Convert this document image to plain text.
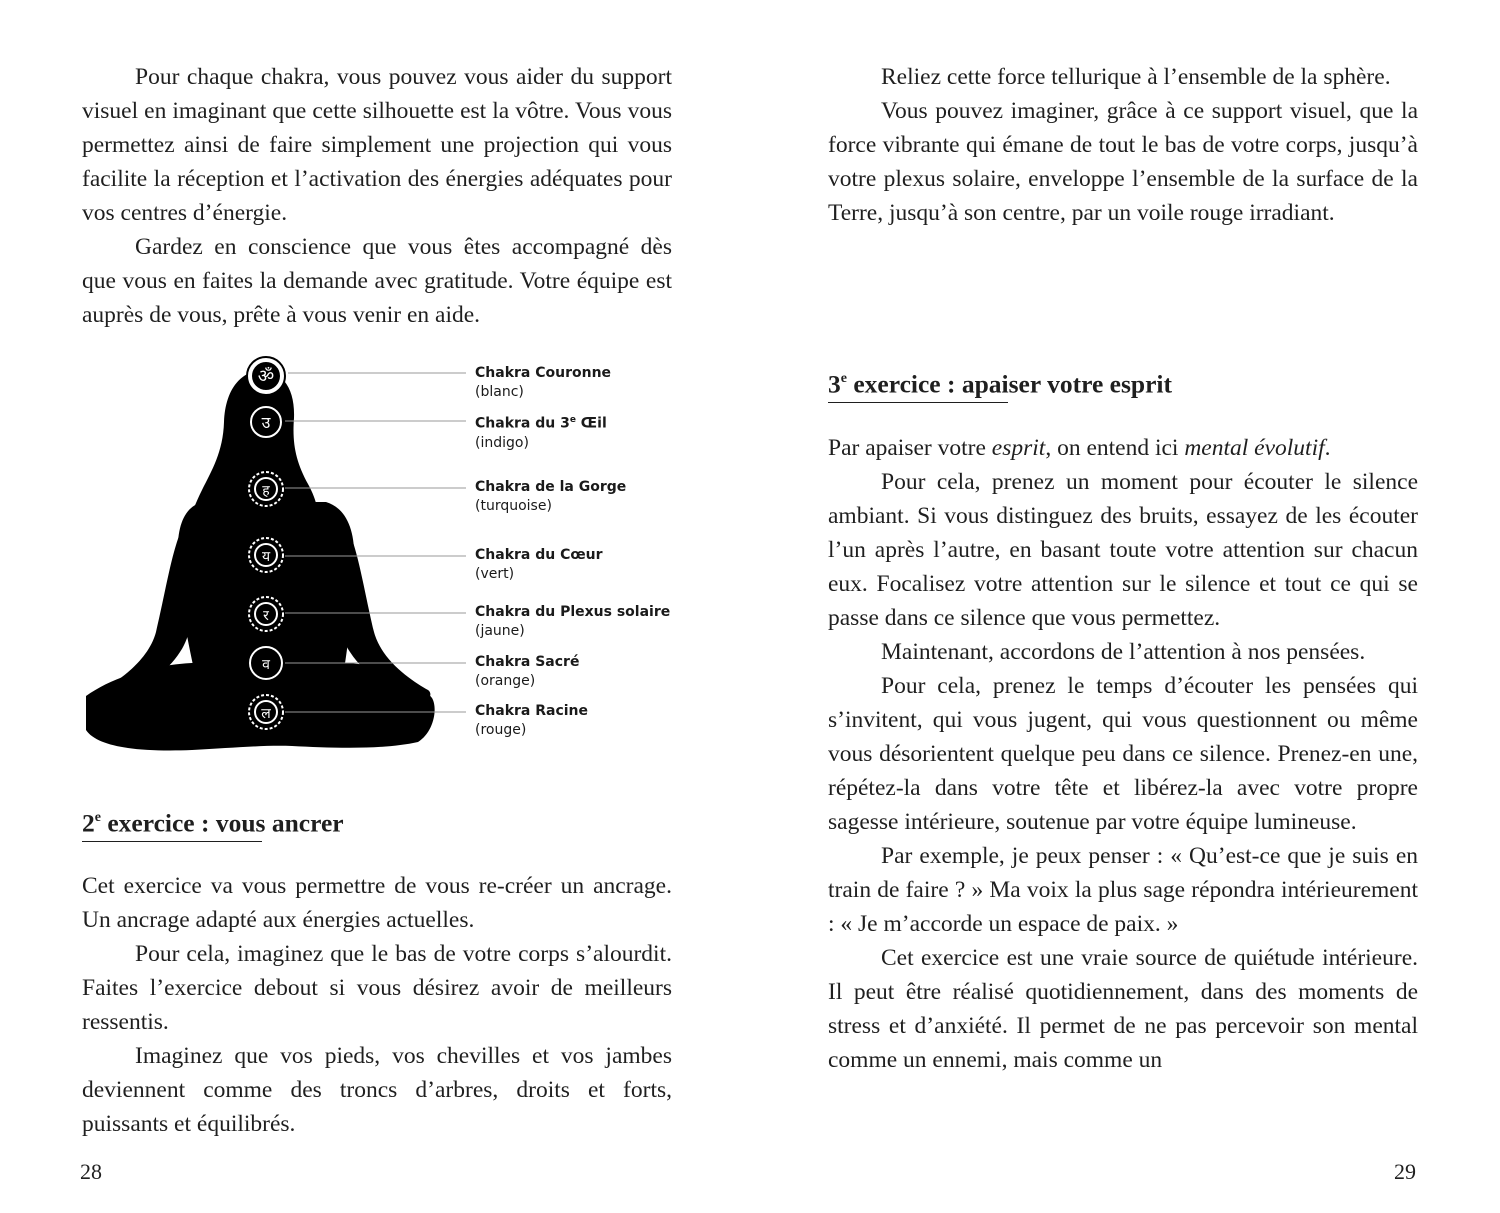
Pour chaque chakra, vous pouvez vous aider du support visuel en imaginant que cette silhouette est la vôtre. Vous vous permettez ainsi de faire simplement une projection qui vous facilite la réception et l’activation des énergies adéquates pour vos centres d’énergie.

Gardez en conscience que vous êtes accompagné dès que vous en faites la demande avec gratitude. Votre équipe est auprès de vous, prête à vous venir en aide.

ॐ
उ
ह
य
र
व
ल
Chakra Couronne
(blanc)
Chakra du 3e Œil
(indigo)
Chakra de la Gorge
(turquoise)
Chakra du Cœur
(vert)
Chakra du Plexus solaire
(jaune)
Chakra Sacré
(orange)
Chakra Racine
(rouge)
2e exercice : vous ancrer

Cet exercice va vous permettre de vous re-créer un ancrage. Un ancrage adapté aux énergies actuelles.

Pour cela, imaginez que le bas de votre corps s’alourdit. Faites l’exercice debout si vous désirez avoir de meilleurs ressentis.

Imaginez que vos pieds, vos chevilles et vos jambes deviennent comme des troncs d’arbres, droits et forts, puissants et équilibrés.

28

Reliez cette force tellurique à l’ensemble de la sphère.

Vous pouvez imaginer, grâce à ce support visuel, que la force vibrante qui émane de tout le bas de votre corps, jusqu’à votre plexus solaire, enveloppe l’ensemble de la surface de la Terre, jusqu’à son centre, par un voile rouge irradiant.

3e exercice : apaiser votre esprit

Par apaiser votre esprit, on entend ici mental évolutif.

Pour cela, prenez un moment pour écouter le silence ambiant. Si vous distinguez des bruits, essayez de les écouter l’un après l’autre, en basant toute votre attention sur chacun eux. Focalisez votre attention sur le silence et tout ce qui se passe dans ce silence que vous permettez.

Maintenant, accordons de l’attention à nos pensées.

Pour cela, prenez le temps d’écouter les pensées qui s’invitent, qui vous jugent, qui vous questionnent ou même vous désorientent quelque peu dans ce silence. Prenez-en une, répétez-la dans votre tête et libérez-la avec votre propre sagesse intérieure, soutenue par votre équipe lumineuse.

Par exemple, je peux penser : « Qu’est-ce que je suis en train de faire ? » Ma voix la plus sage répondra intérieurement : « Je m’accorde un espace de paix. »

Cet exercice est une vraie source de quiétude intérieure. Il peut être réalisé quotidiennement, dans des moments de stress et d’anxiété. Il permet de ne pas percevoir son mental comme un ennemi, mais comme un

29
